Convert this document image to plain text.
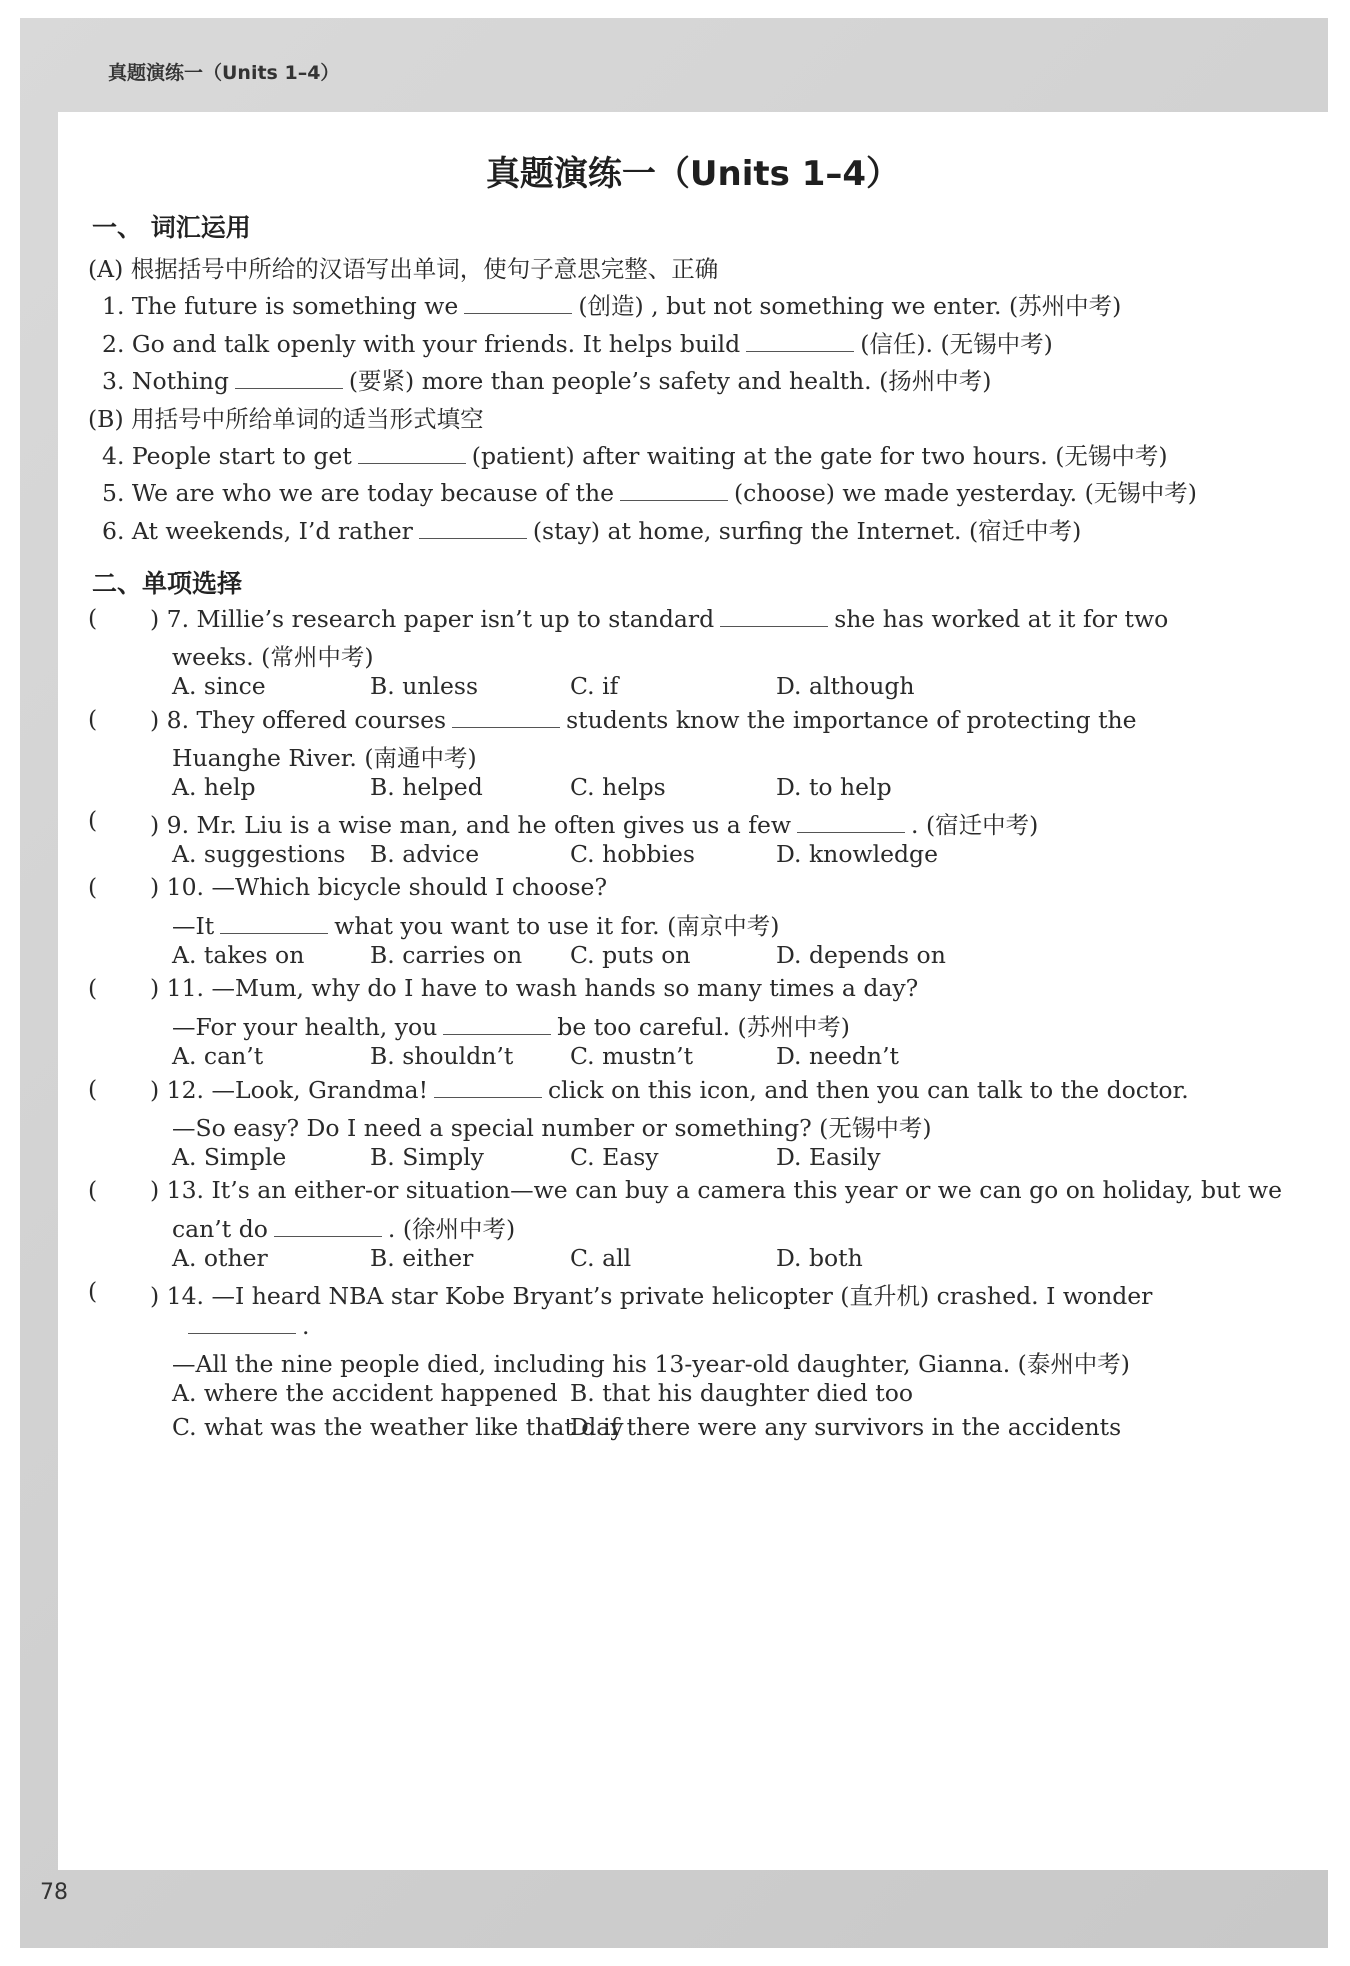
真题演练一（Units 1–4）
真题演练一（Units 1–4）
一、 词汇运用
(A) 根据括号中所给的汉语写出单词，使句子意思完整、正确
1. The future is something we	(创造) , but not something we enter. (苏州中考)
2. Go and talk openly with your friends. It helps build	(信任). (无锡中考)
3. Nothing	(要紧) more than people’s safety and health. (扬州中考)
(B) 用括号中所给单词的适当形式填空
4. People start to get	(patient) after waiting at the gate for two hours. (无锡中考)
5. We are who we are today because of the	(choose) we made yesterday. (无锡中考)
6. At weekends, I’d rather	(stay) at home, surfing the Internet. (宿迁中考)
二、单项选择
( ) 7. Millie’s research paper isn’t up to standard	she has worked at it for two
weeks. (常州中考)
A. since	B. unless	C. if	D. although
( ) 8. They offered courses	students know the importance of protecting the
Huanghe River. (南通中考)
A. help	B. helped	C. helps	D. to help
( ) 9. Mr. Liu is a wise man, and he often gives us a few	. (宿迁中考)
A. suggestions B. advice	C. hobbies	D. knowledge
( ) 10. —Which bicycle should I choose?
—It	what you want to use it for. (南京中考)
A. takes on	B. carries on C. puts on	D. depends on
( ) 11. —Mum, why do I have to wash hands so many times a day?
—For your health, you	be too careful. (苏州中考)
A. can’t	B. shouldn’t C. mustn’t	D. needn’t
( ) 12. —Look, Grandma!	click on this icon, and then you can talk to the doctor.
—So easy? Do I need a special number or something? (无锡中考)
A. Simple	B. Simply	C. Easy	D. Easily
( ) 13. It’s an either-or situation—we can buy a camera this year or we can go on holiday, but we
can’t do	. (徐州中考)
A. other	B. either	C. all	D. both
( ) 14. —I heard NBA star Kobe Bryant’s private helicopter (直升机) crashed. I wonder
.
—All the nine people died, including his 13-year-old daughter, Gianna. (泰州中考)
A. where the accident happened B. that his daughter died too
C. what was the weather like that day
D. if there were any survivors in the accidents
78
